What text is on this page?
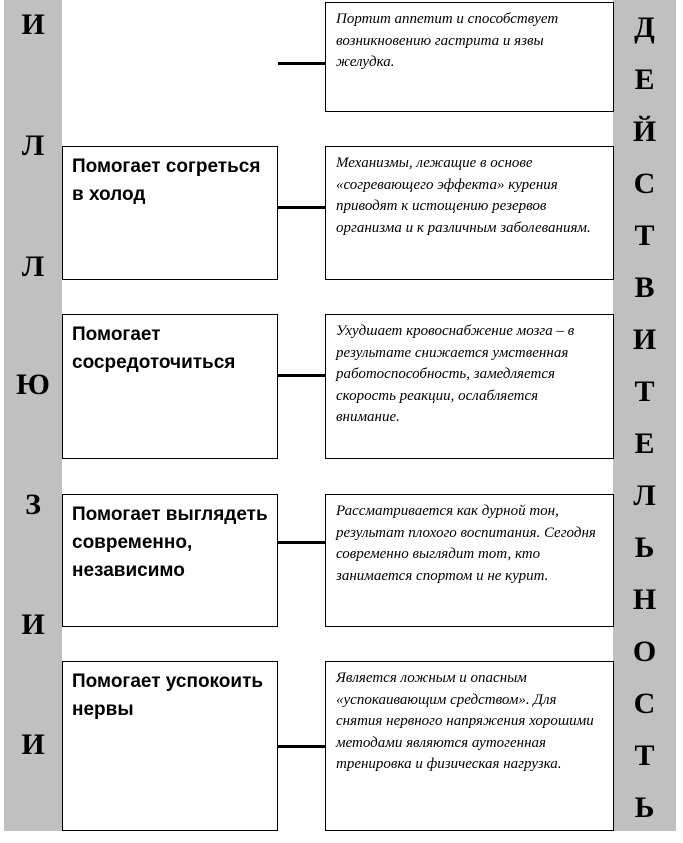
И
Л
Л
Ю
З
И
И
Д
Е
Й
С
Т
В
И
Т
Е
Л
Ь
Н
О
С
Т
Ь
Портит аппетит и способствует возникновению гастрита и язвы желудка.
Помогает согреться в холод
Механизмы, лежащие в основе «согревающего эффекта» курения приводят к истощению резервов организма и к различным заболеваниям.
Помогает сосредоточиться
Ухудшает кровоснабжение мозга – в результате снижается умственная работоспособность, замедляется скорость реакции, ослабляется внимание.
Помогает выглядеть современно, независимо
Рассматривается как дурной тон, результат плохого воспитания. Сегодня современно выглядит тот, кто занимается спортом и не курит.
Помогает успокоить нервы
Является ложным и опасным «успокаивающим средством». Для снятия нервного напряжения хорошими методами являются аутогенная тренировка и физическая нагрузка.
